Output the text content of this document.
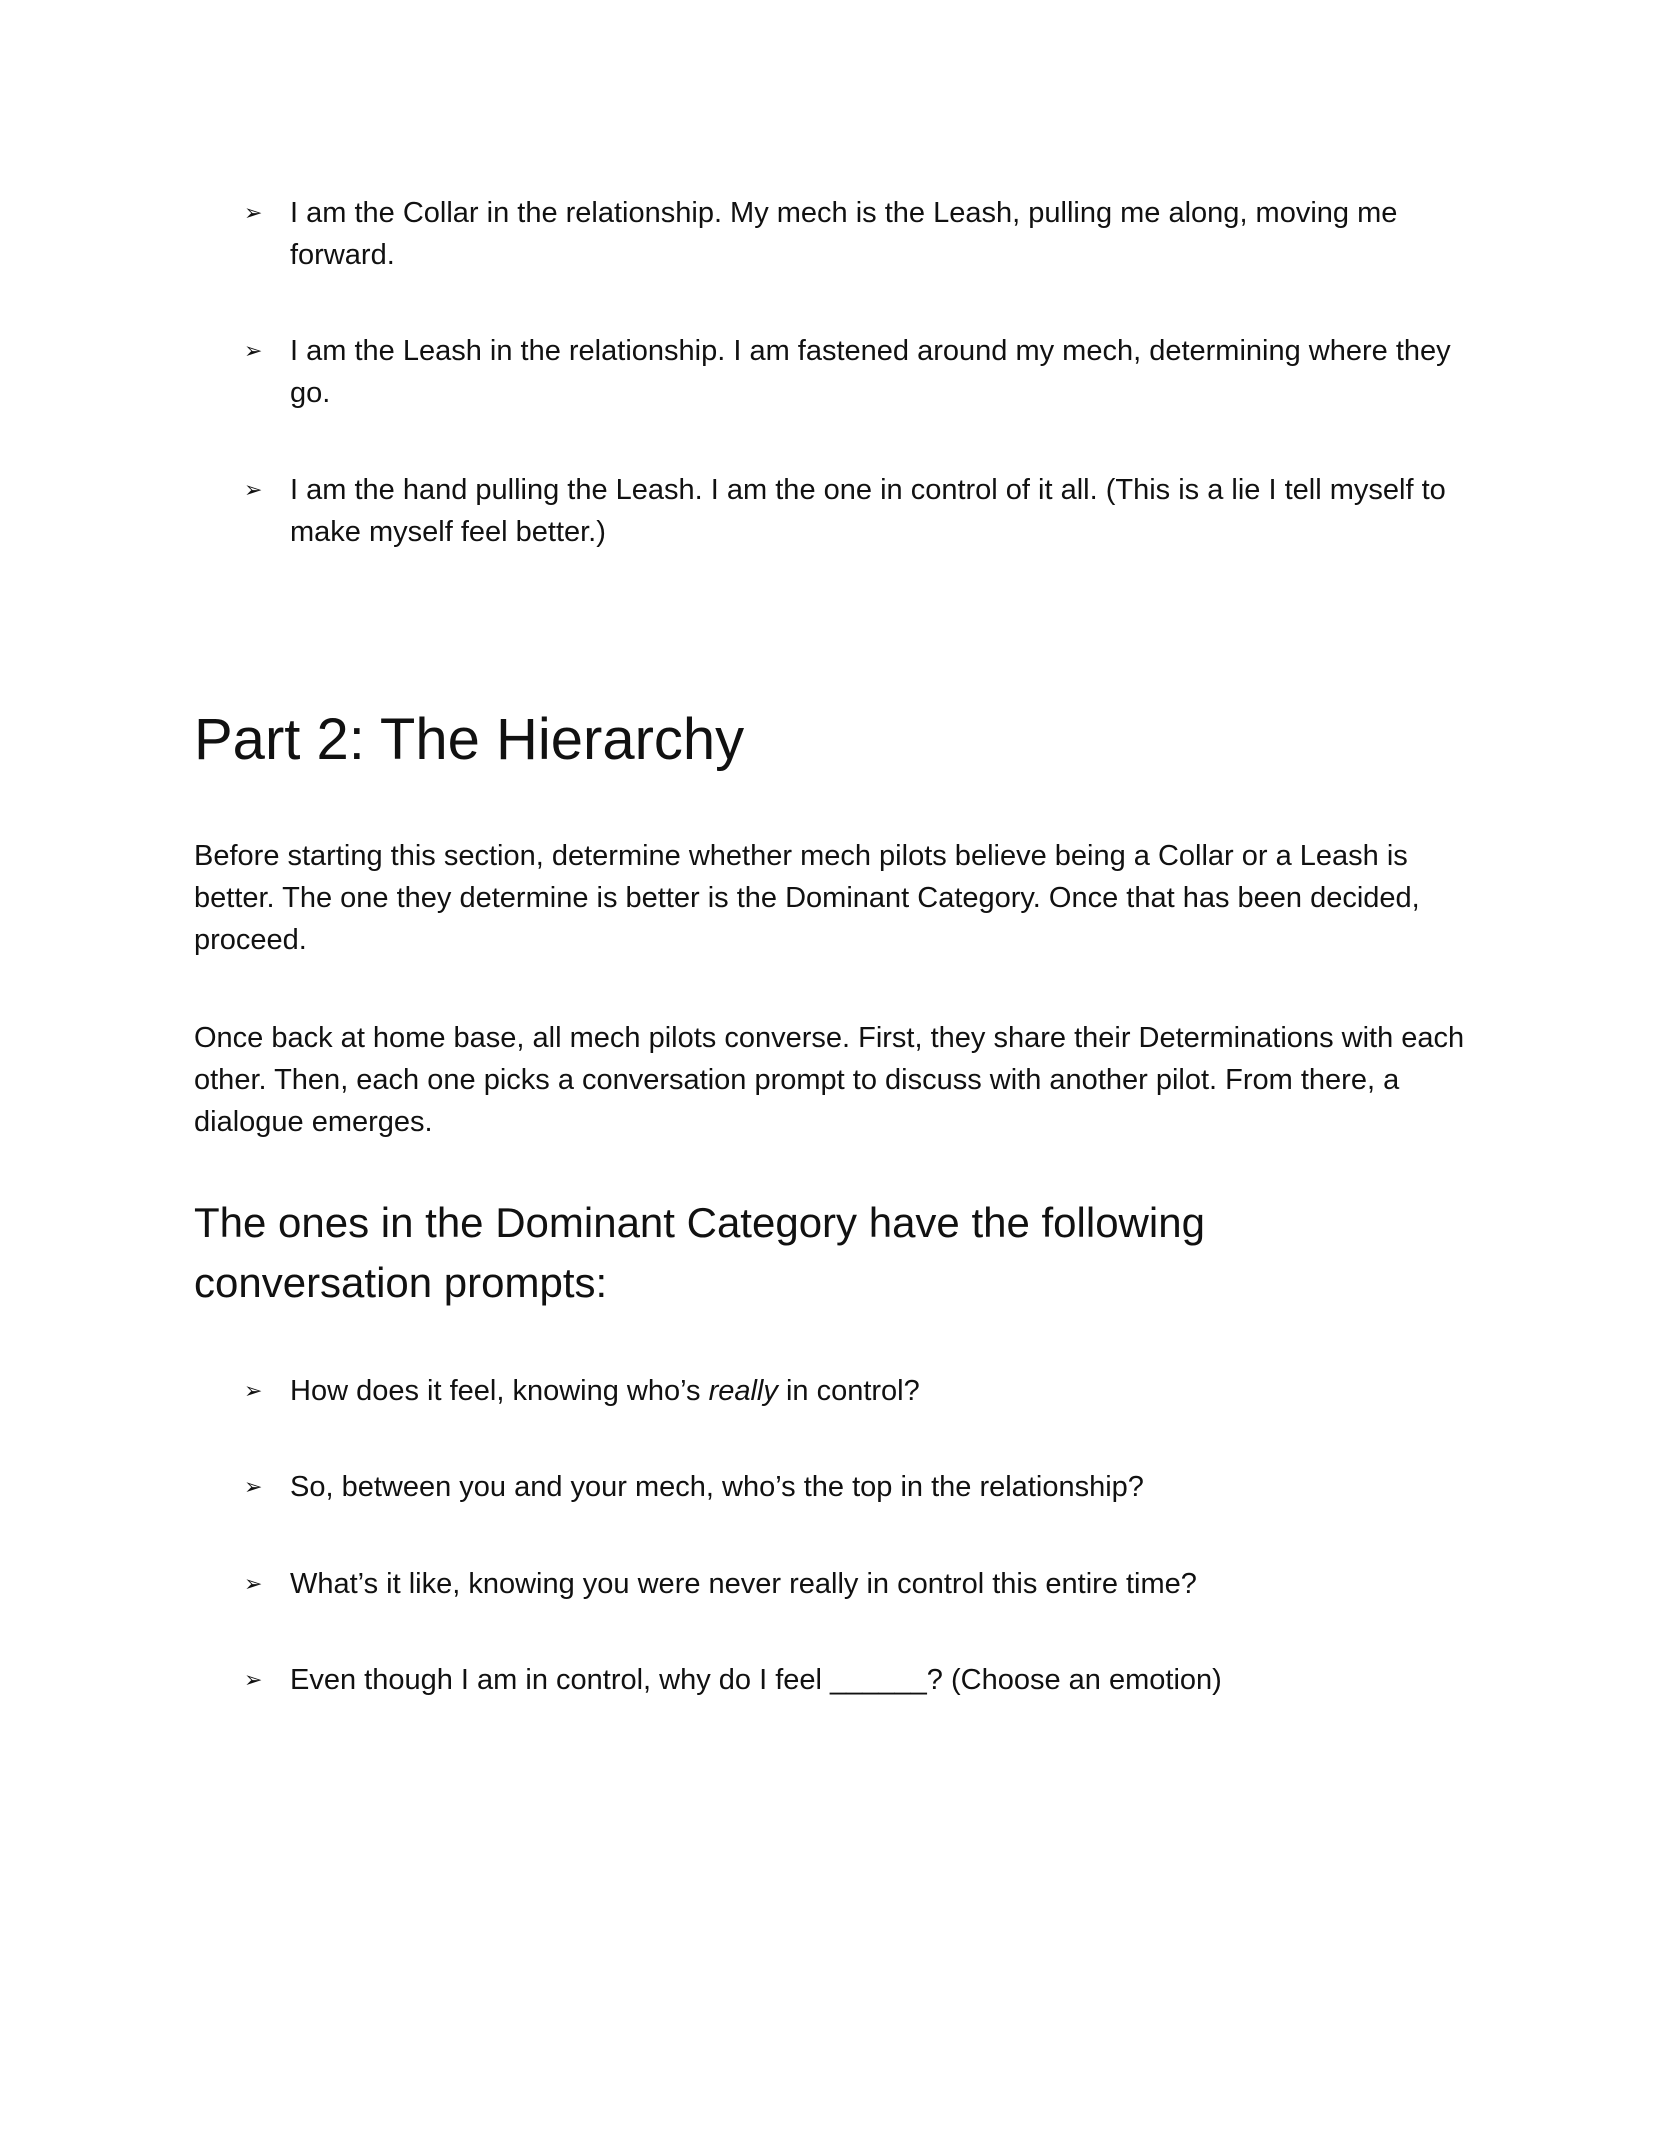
➢ I am the Collar in the relationship. My mech is the Leash, pulling me along, moving me forward.
➢ I am the Leash in the relationship. I am fastened around my mech, determining where they go.
➢ I am the hand pulling the Leash. I am the one in control of it all. (This is a lie I tell myself to make myself feel better.)
Part 2: The Hierarchy

Before starting this section, determine whether mech pilots believe being a Collar or a Leash is better. The one they determine is better is the Dominant Category. Once that has been decided, proceed.

Once back at home base, all mech pilots converse. First, they share their Determinations with each other. Then, each one picks a conversation prompt to discuss with another pilot. From there, a dialogue emerges.

The ones in the Dominant Category have the following conversation prompts:
➢ How does it feel, knowing who’s really in control?
➢ So, between you and your mech, who’s the top in the relationship?
➢ What’s it like, knowing you were never really in control this entire time?
➢ Even though I am in control, why do I feel ______? (Choose an emotion)
